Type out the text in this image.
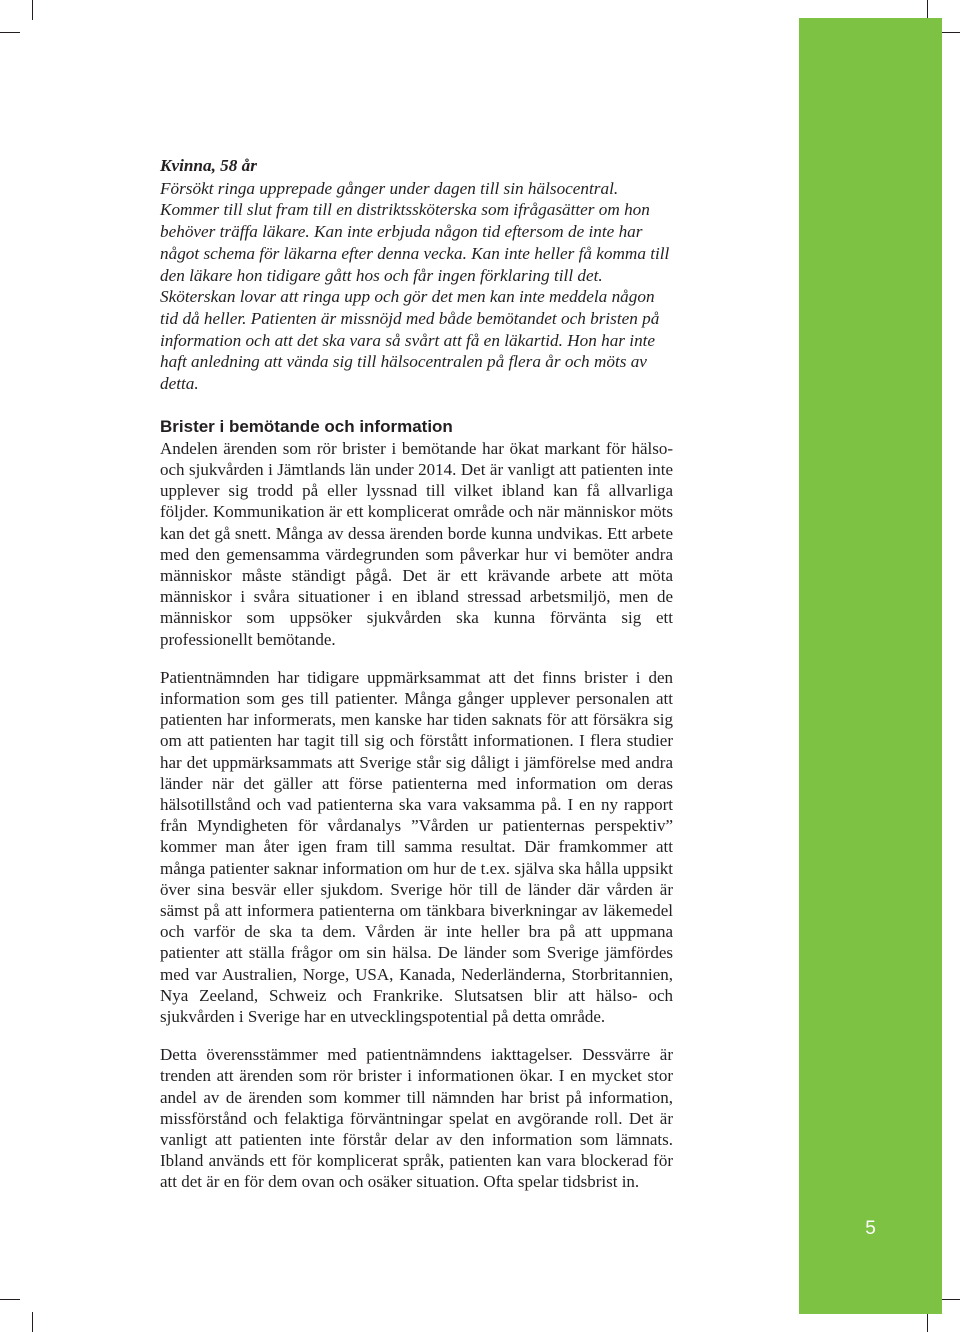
5
Kvinna, 58 år
Försökt ringa upprepade gånger under dagen till sin hälsocentral. Kommer till slut fram till en distriktssköterska som ifrågasätter om hon behöver träffa läkare. Kan inte erbjuda någon tid eftersom de inte har något schema för läkarna efter denna vecka. Kan inte heller få komma till den läkare hon tidigare gått hos och får ingen förklaring till det. Sköterskan lovar att ringa upp och gör det men kan inte meddela någon tid då heller. Patienten är missnöjd med både bemötandet och bristen på information och att det ska vara så svårt att få en läkartid. Hon har inte haft anledning att vända sig till hälsocentralen på flera år och möts av detta.
Brister i bemötande och information

Andelen ärenden som rör brister i bemötande har ökat markant för hälso- och sjukvården i Jämtlands län under 2014. Det är vanligt att patienten inte upplever sig trodd på eller lyssnad till vilket ibland kan få allvarliga följder. Kommunikation är ett komplicerat område och när människor möts kan det gå snett. Många av dessa ärenden borde kunna undvikas. Ett arbete med den gemensamma värdegrunden som påverkar hur vi bemöter andra människor måste ständigt pågå. Det är ett krävande arbete att möta människor i svåra situationer i en ibland stressad arbetsmiljö, men de människor som uppsöker sjukvården ska kunna förvänta sig ett professionellt bemötande.

Patientnämnden har tidigare uppmärksammat att det finns brister i den information som ges till patienter. Många gånger upplever personalen att patienten har informerats, men kanske har tiden saknats för att försäkra sig om att patienten har tagit till sig och förstått informationen. I flera studier har det uppmärksammats att Sverige står sig dåligt i jämförelse med andra länder när det gäller att förse patienterna med information om deras hälsotillstånd och vad patienterna ska vara vaksamma på. I en ny rapport från Myndigheten för vårdanalys ”Vården ur patienternas perspektiv” kommer man åter igen fram till samma resultat. Där framkommer att många patienter saknar information om hur de t.ex. själva ska hålla uppsikt över sina besvär eller sjukdom. Sverige hör till de länder där vården är sämst på att informera patienterna om tänkbara biverkningar av läkemedel och varför de ska ta dem. Vården är inte heller bra på att uppmana patienter att ställa frågor om sin hälsa. De länder som Sverige jämfördes med var Australien, Norge, USA, Kanada, Nederländerna, Storbritannien, Nya Zeeland, Schweiz och Frankrike. Slutsatsen blir att hälso- och sjukvården i Sverige har en utvecklingspotential på detta område.

Detta överensstämmer med patientnämndens iakttagelser. Dessvärre är trenden att ärenden som rör brister i informationen ökar. I en mycket stor andel av de ärenden som kommer till nämnden har brist på information, missförstånd och felaktiga förväntningar spelat en avgörande roll. Det är vanligt att patienten inte förstår delar av den information som lämnats. Ibland används ett för komplicerat språk, patienten kan vara blockerad för att det är en för dem ovan och osäker situation. Ofta spelar tidsbrist in.
